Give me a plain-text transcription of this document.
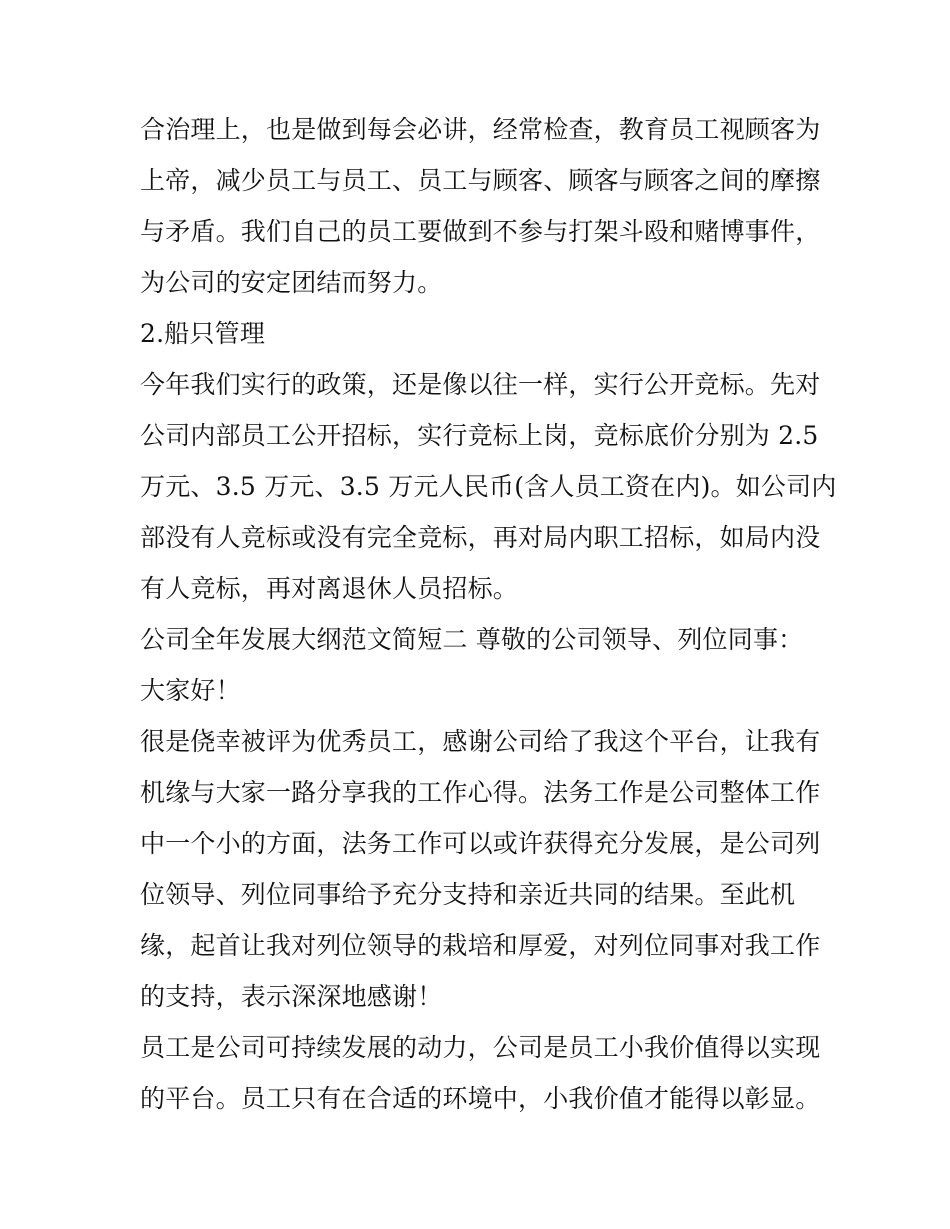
合治理上，也是做到每会必讲，经常检查，教育员工视顾客为
上帝，减少员工与员工、员工与顾客、顾客与顾客之间的摩擦
与矛盾。我们自己的员工要做到不参与打架斗殴和赌博事件，
为公司的安定团结而努力。
2.船只管理
今年我们实行的政策，还是像以往一样，实行公开竞标。先对
公司内部员工公开招标，实行竞标上岗，竞标底价分别为 2.5
万元、3.5 万元、3.5 万元人民币(含人员工资在内)。如公司内
部没有人竞标或没有完全竞标，再对局内职工招标，如局内没
有人竞标，再对离退休人员招标。
公司全年发展大纲范文简短二 尊敬的公司领导、列位同事：
大家好！
很是侥幸被评为优秀员工，感谢公司给了我这个平台，让我有
机缘与大家一路分享我的工作心得。法务工作是公司整体工作
中一个小的方面，法务工作可以或许获得充分发展，是公司列
位领导、列位同事给予充分支持和亲近共同的结果。至此机
缘，起首让我对列位领导的栽培和厚爱，对列位同事对我工作
的支持，表示深深地感谢！
员工是公司可持续发展的动力，公司是员工小我价值得以实现
的平台。员工只有在合适的环境中，小我价值才能得以彰显。
